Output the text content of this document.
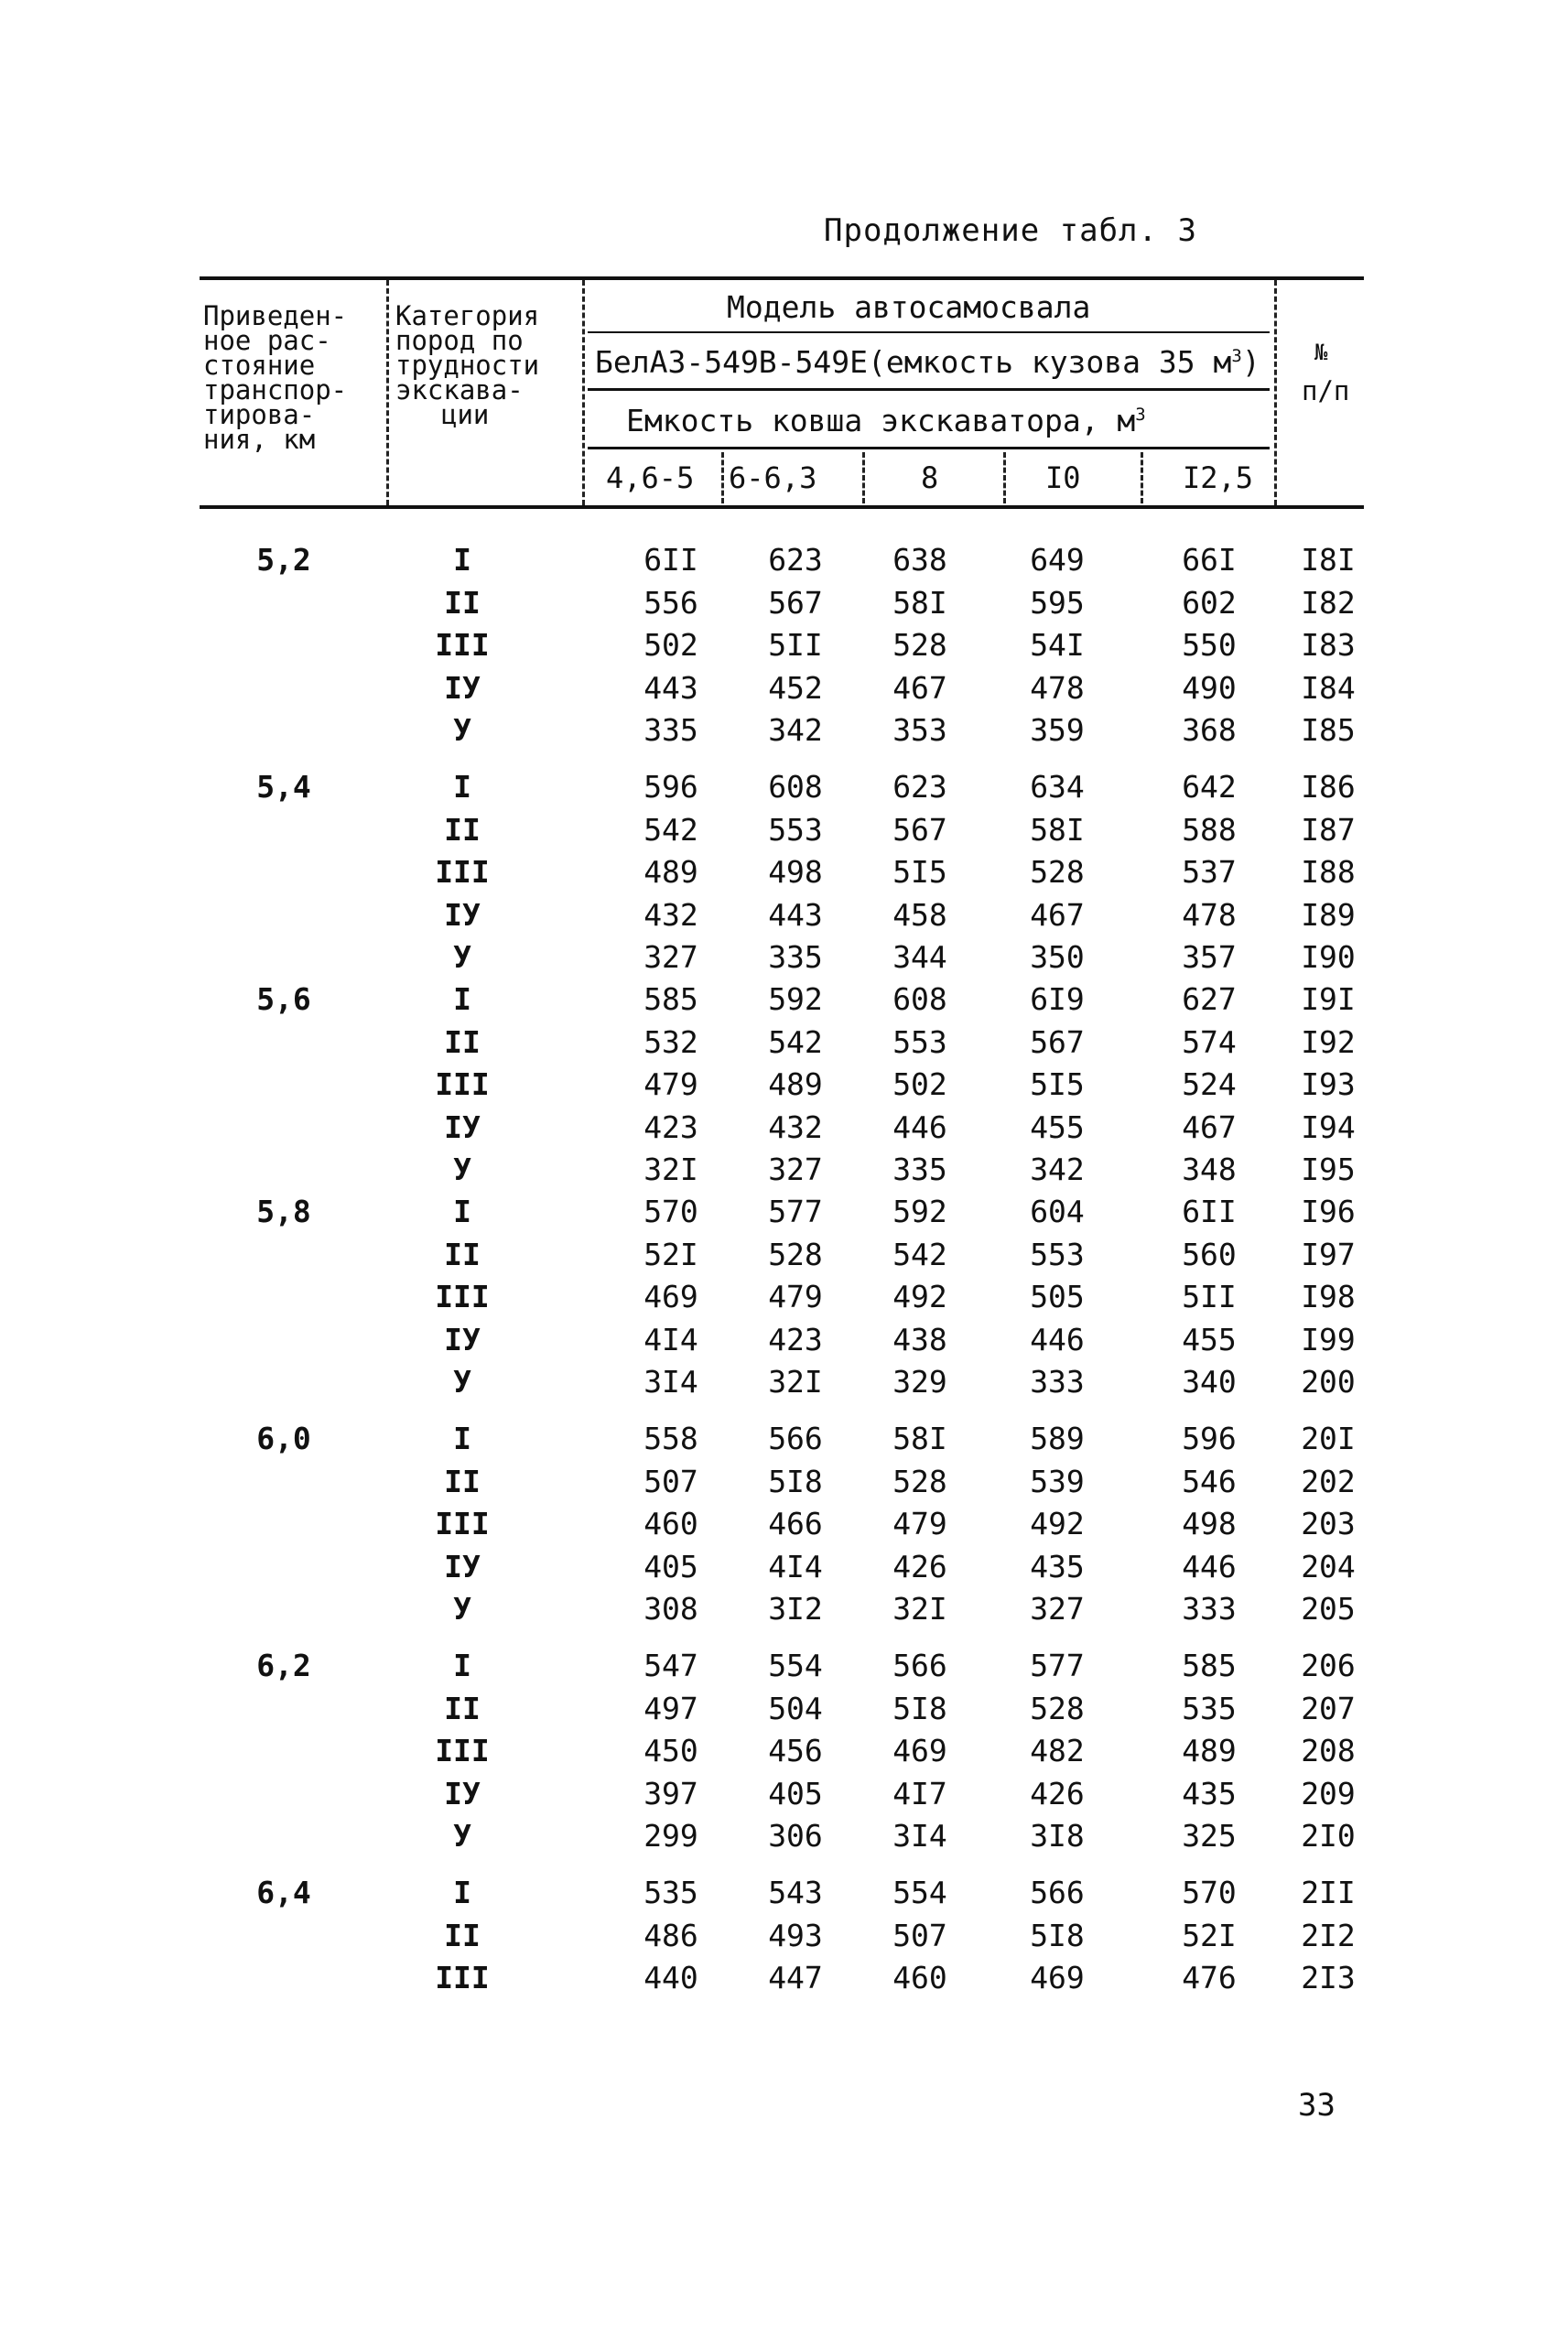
Продолжение табл. 3
Приведен-
ное рас-
стояние
транспор-
тирова-
ния, км
Категория
пород по
трудности
экскава-
ции
Модель автосамосвала
БелАЗ-549В-549Е(емкость кузова 35 $м^3$)
Емкость ковша экскаватора, $м^3$
4,6-5 6-6,3	8	I0	I2,5
№
п/п
5,2	I	6II	623	638	649	66I	I8I
II	556	567	58I	595	602	I82
III	502	5II	528	54I	550	I83
IУ	443	452	467	478	490	I84
У	335	342	353	359	368	I85
5,4	I	596	608	623	634	642	I86
II	542	553	567	58I	588	I87
III	489	498	5I5	528	537	I88
IУ	432	443	458	467	478	I89
У	327	335	344	350	357	I90
5,6	I	585	592	608	6I9	627	I9I
II	532	542	553	567	574	I92
III	479	489	502	5I5	524	I93
IУ	423	432	446	455	467	I94
У	32I	327	335	342	348	I95
5,8	I	570	577	592	604	6II	I96
II	52I	528	542	553	560	I97
III	469	479	492	505	5II	I98
IУ	4I4	423	438	446	455	I99
У	3I4	32I	329	333	340	200
6,0	I	558	566	58I	589	596	20I
II	507	5I8	528	539	546	202
III	460	466	479	492	498	203
IУ	405	4I4	426	435	446	204
У	308	3I2	32I	327	333	205
6,2	I	547	554	566	577	585	206
II	497	504	5I8	528	535	207
III	450	456	469	482	489	208
IУ	397	405	4I7	426	435	209
У	299	306	3I4	3I8	325	2I0
6,4	I	535	543	554	566	570	2II
II	486	493	507	5I8	52I	2I2
III	440	447	460	469	476	2I3
33
